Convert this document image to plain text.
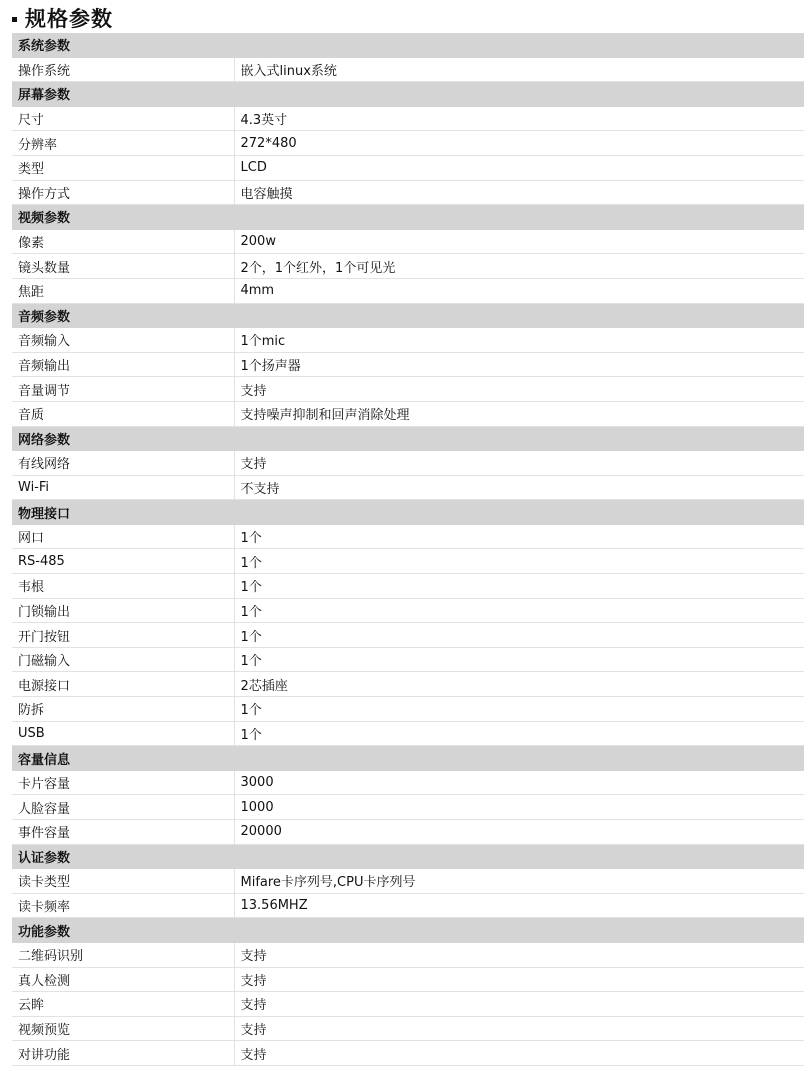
规格参数
系统参数	
操作系统	嵌入式linux系统
屏幕参数	
尺寸	4.3英寸
分辨率	272*480
类型	LCD
操作方式	电容触摸
视频参数	
像素	200w
镜头数量	2个，1个红外，1个可见光
焦距	4mm
音频参数	
音频输入	1个mic
音频输出	1个扬声器
音量调节	支持
音质	支持噪声抑制和回声消除处理
网络参数	
有线网络	支持
Wi-Fi	不支持
物理接口	
网口	1个
RS-485	1个
韦根	1个
门锁输出	1个
开门按钮	1个
门磁输入	1个
电源接口	2芯插座
防拆	1个
USB	1个
容量信息	
卡片容量	3000
人脸容量	1000
事件容量	20000
认证参数	
读卡类型	Mifare卡序列号,CPU卡序列号
读卡频率	13.56MHZ
功能参数	
二维码识别	支持
真人检测	支持
云眸	支持
视频预览	支持
对讲功能	支持
